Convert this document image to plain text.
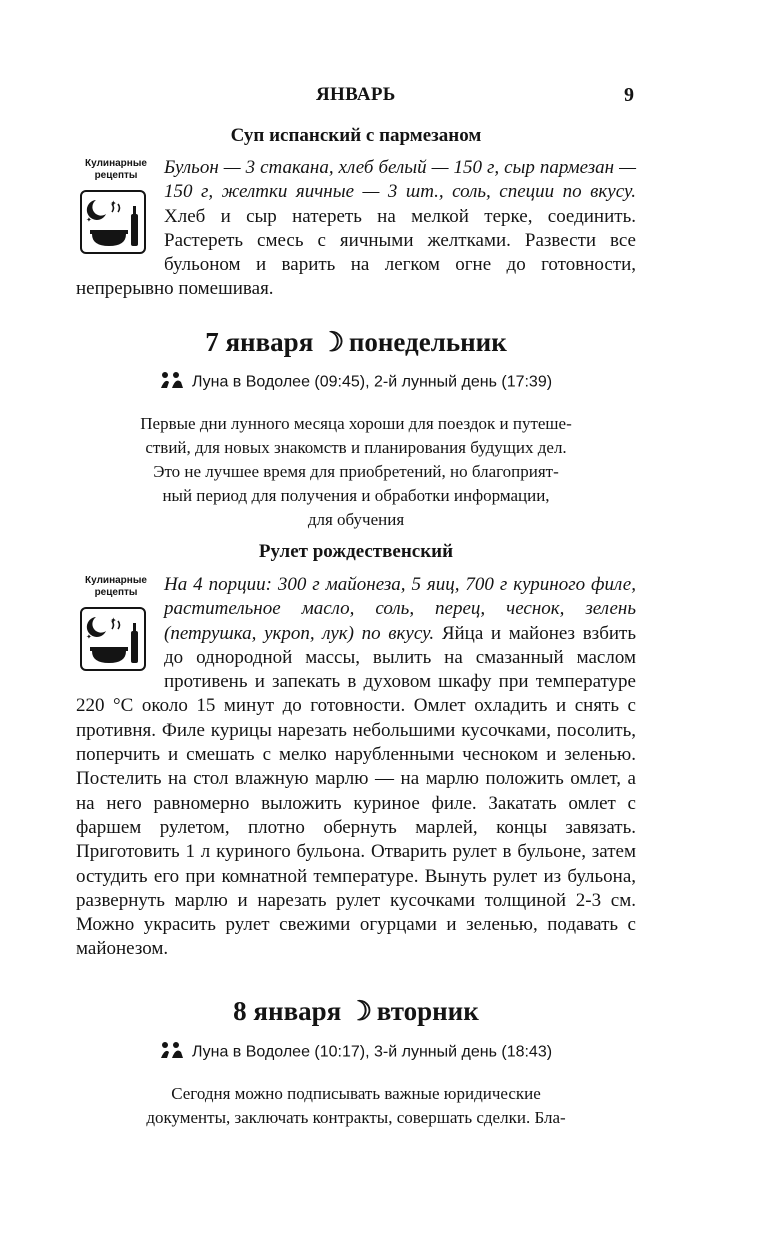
ЯНВАРЬ	9
Суп испанский с пармезаном
Кулинарные рецепты
✦
✦

Бульон — 3 стакана, хлеб белый — 150 г, сыр пармезан — 150 г, желтки яичные — 3 шт., соль, специи по вкусу. Хлеб и сыр натереть на мелкой терке, соединить. Растереть смесь с яичными желтками. Развести все бульоном и варить на легком огне до готовности, непрерывно помешивая.

7 января ☽ понедельник
Луна в Водолее (09:45), 2-й лунный день (17:39)
Первые дни лунного месяца хороши для поездок и путеше-
ствий, для новых знакомств и планирования будущих дел.
Это не лучшее время для приобретений, но благоприят-
ный период для получения и обработки информации,
для обучения
Рулет рождественский
Кулинарные рецепты
✦
✦

На 4 порции: 300 г майонеза, 5 яиц, 700 г куриного филе, растительное масло, соль, перец, чеснок, зелень (петрушка, укроп, лук) по вкусу. Яйца и майонез взбить до однородной массы, вылить на смазанный маслом противень и запекать в духовом шкафу при температуре 220 °С около 15 минут до готовности. Омлет охладить и снять с противня. Филе курицы нарезать небольшими кусочками, посолить, поперчить и смешать с мелко нарубленными чесноком и зеленью. Постелить на стол влажную марлю — на марлю положить омлет, а на него равномерно выложить куриное филе. Закатать омлет с фаршем рулетом, плотно обернуть марлей, концы завязать. Приготовить 1 л куриного бульона. Отварить рулет в бульоне, затем остудить его при комнатной температуре. Вынуть рулет из бульона, развернуть марлю и нарезать рулет кусочками толщиной 2-3 см. Можно украсить рулет свежими огурцами и зеленью, подавать с майонезом.

8 января ☽ вторник
Луна в Водолее (10:17), 3-й лунный день (18:43)
Сегодня можно подписывать важные юридические
документы, заключать контракты, совершать сделки. Бла-
